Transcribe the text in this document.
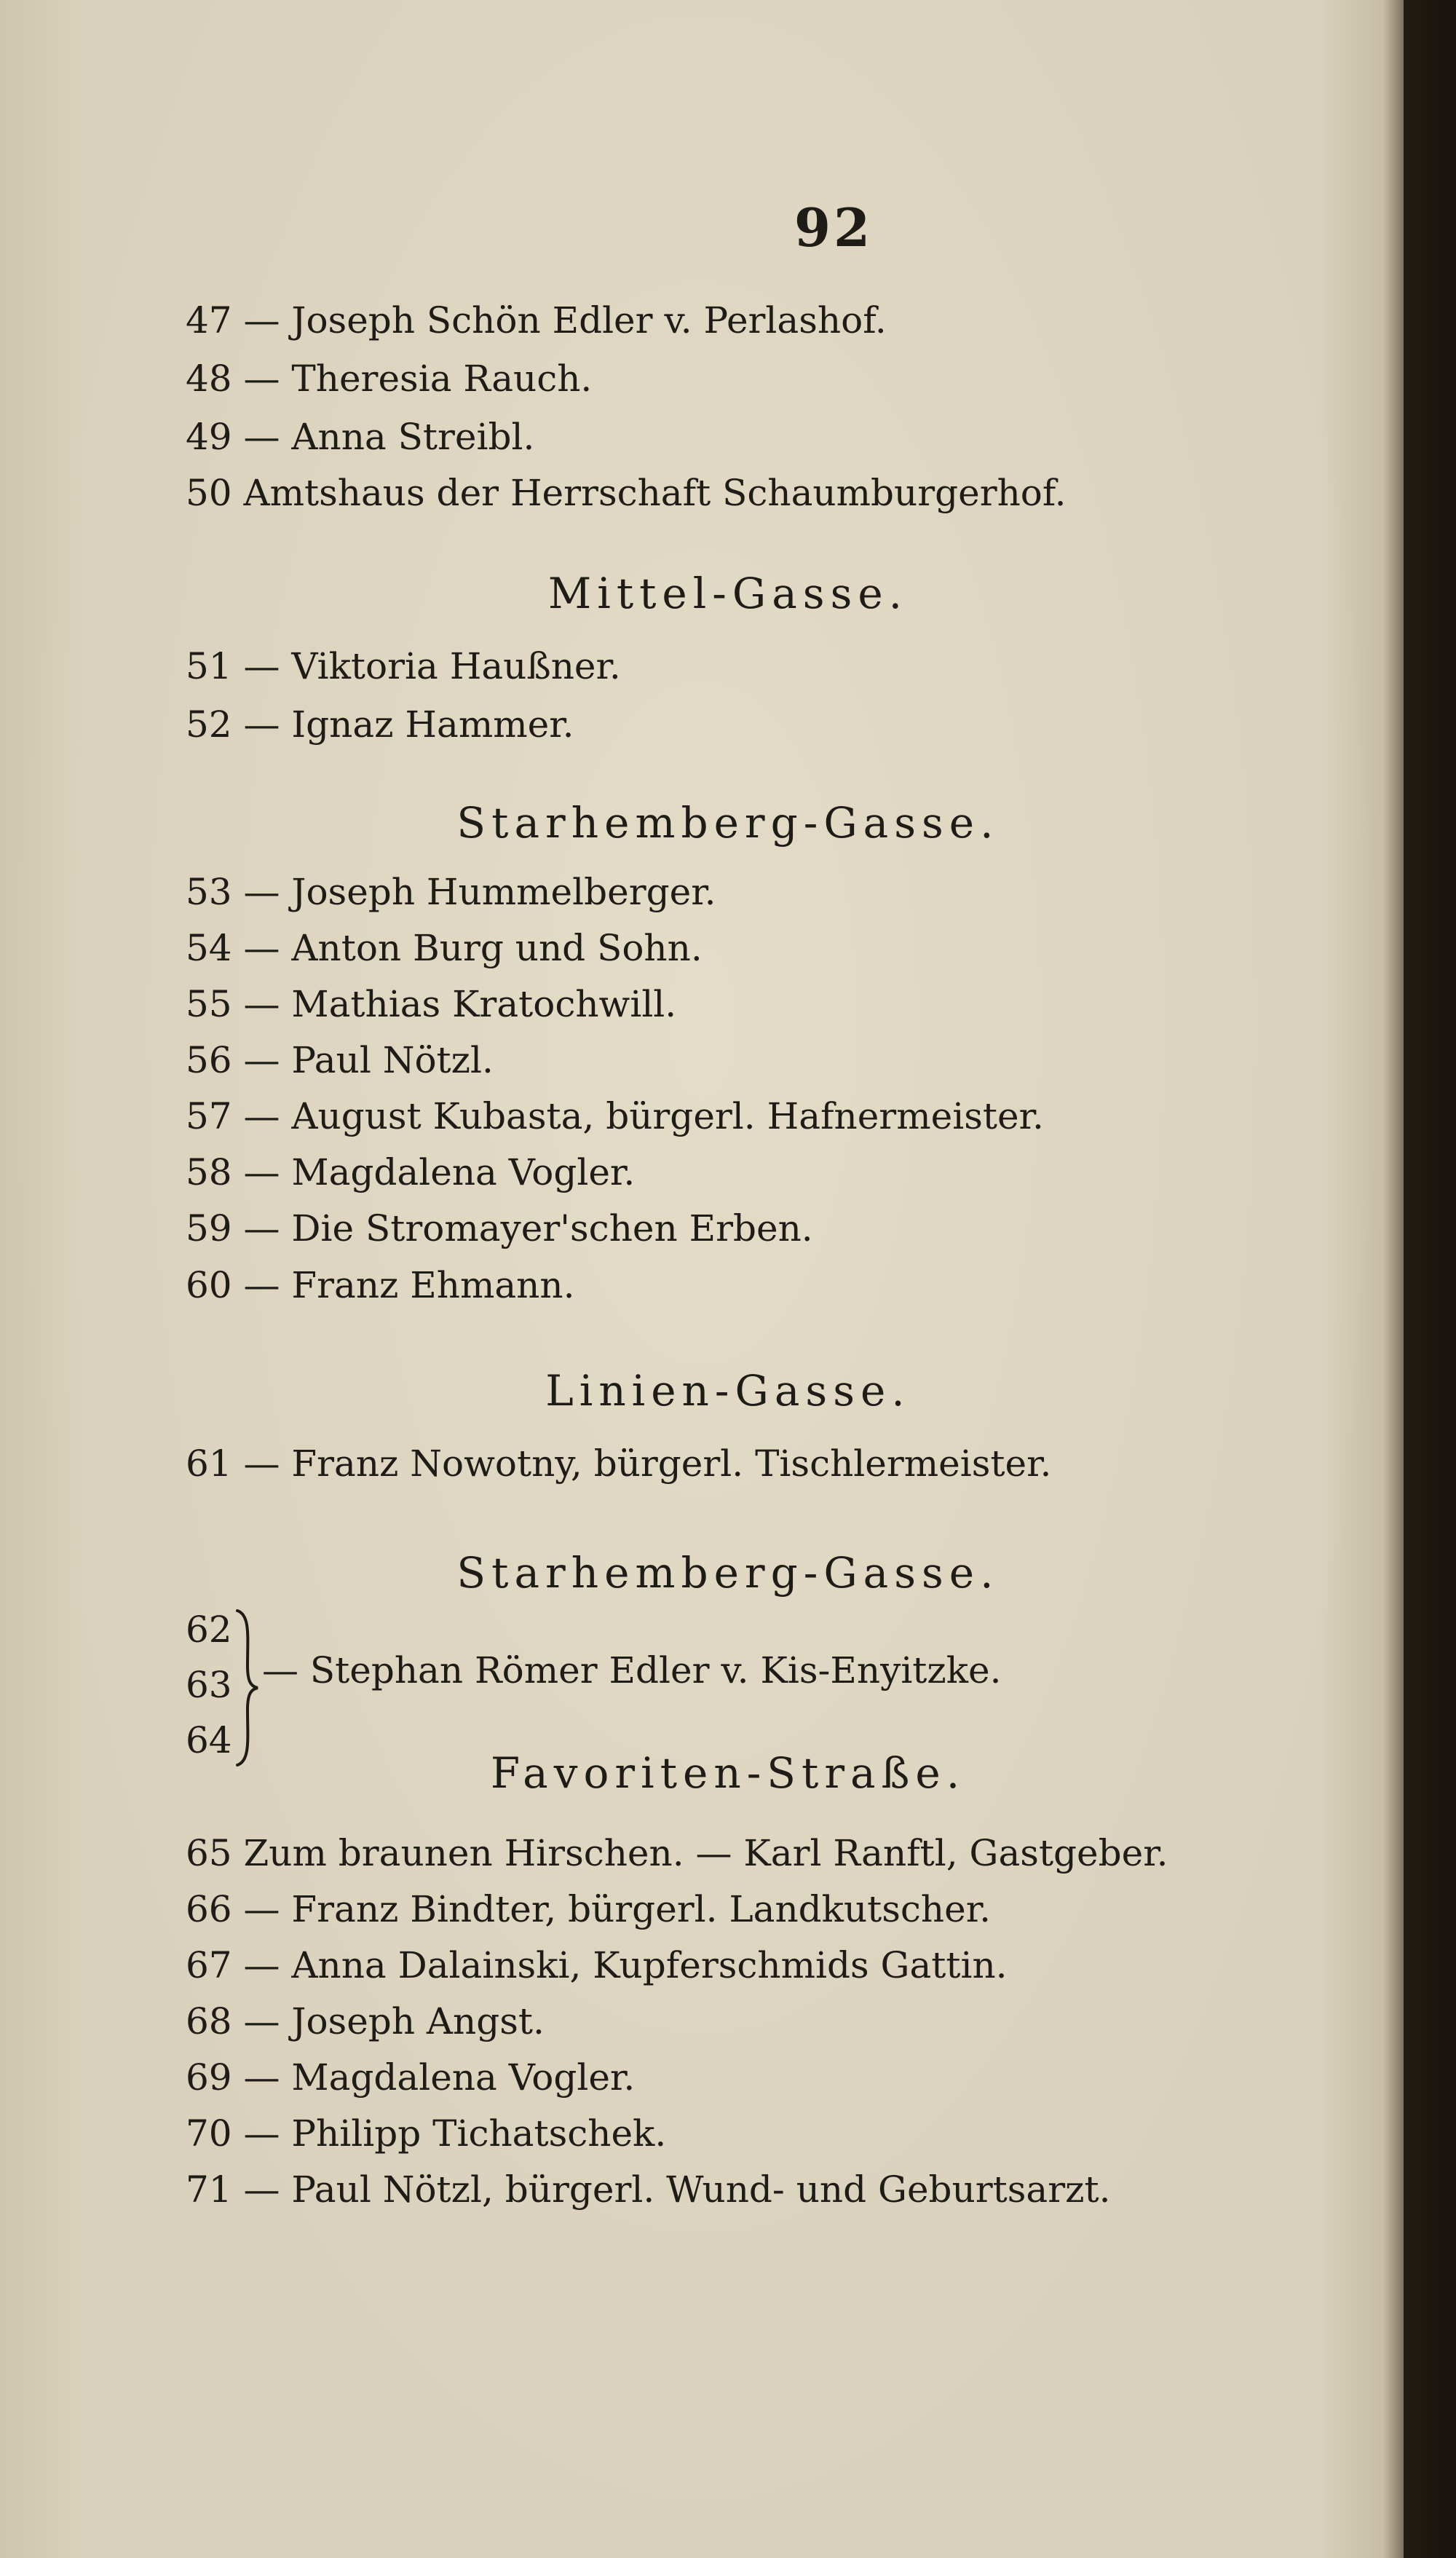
92
47 — Joseph Schön Edler v. Perlashof.
48 — Theresia Rauch.
49 — Anna Streibl.
50 Amtshaus der Herrschaft Schaumburgerhof.
Mittel-Gasse.
51 — Viktoria Haußner.
52 — Ignaz Hammer.
Starhemberg-Gasse.
53 — Joseph Hummelberger.
54 — Anton Burg und Sohn.
55 — Mathias Kratochwill.
56 — Paul Nötzl.
57 — August Kubasta, bürgerl. Hafnermeister.
58 — Magdalena Vogler.
59 — Die Stromayer'schen Erben.
60 — Franz Ehmann.
Linien-Gasse.
61 — Franz Nowotny, bürgerl. Tischlermeister.
Starhemberg-Gasse.
62
63
64
— Stephan Römer Edler v. Kis-Enyitzke.
Favoriten-Straße.
65 Zum braunen Hirschen. — Karl Ranftl, Gastgeber.
66 — Franz Bindter, bürgerl. Landkutscher.
67 — Anna Dalainski, Kupferschmids Gattin.
68 — Joseph Angst.
69 — Magdalena Vogler.
70 — Philipp Tichatschek.
71 — Paul Nötzl, bürgerl. Wund- und Geburtsarzt.
